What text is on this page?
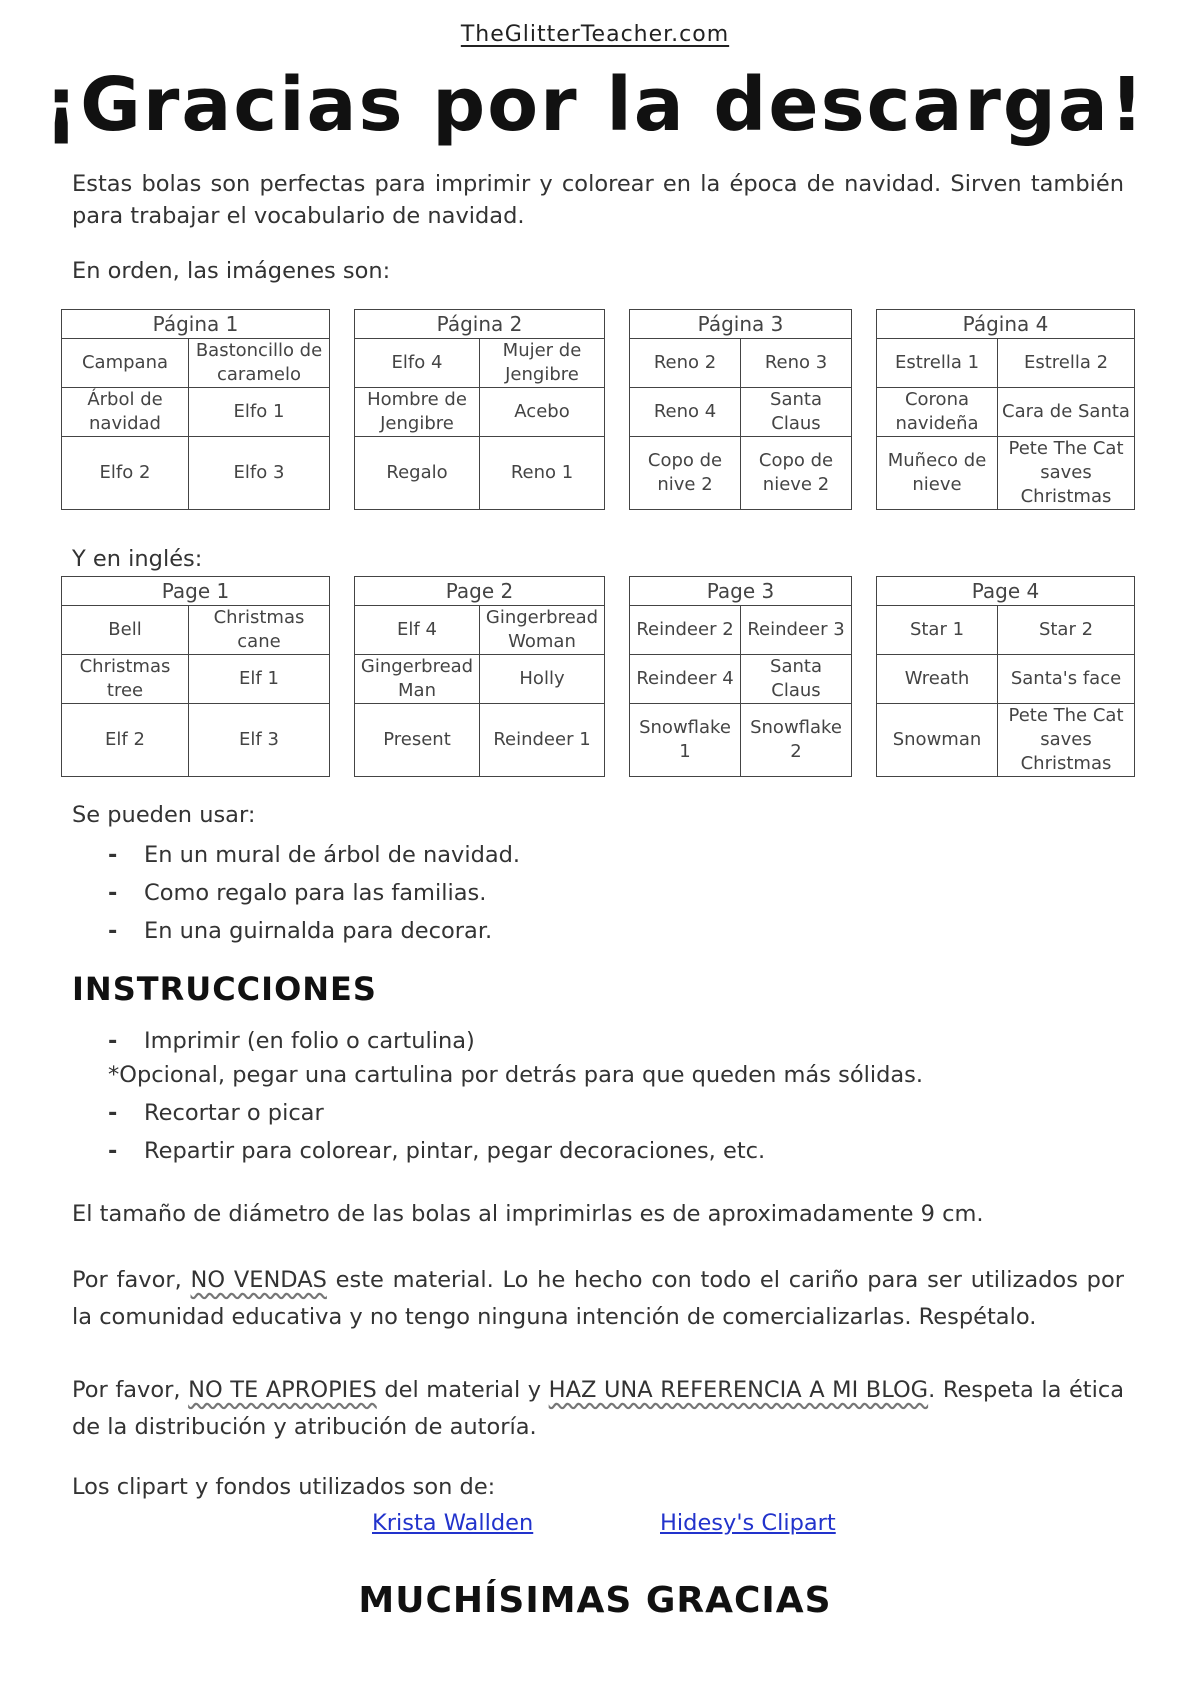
TheGlitterTeacher.com
¡Gracias por la descarga!
Estas bolas son perfectas para imprimir y colorear en la época de navidad. Sirven también para trabajar el vocabulario de navidad.
En orden, las imágenes son:
Página 1	
Campana	Bastoncillo de caramelo
Árbol de navidad	Elfo 1
Elfo 2	Elfo 3
Página 2	
Elfo 4	Mujer de Jengibre
Hombre de Jengibre	Acebo
Regalo	Reno 1
Página 3	
Reno 2	Reno 3
Reno 4	Santa Claus
Copo de nive 2	Copo de nieve 2
Página 4	
Estrella 1	Estrella 2
Corona navideña	Cara de Santa
Muñeco de nieve	Pete The Cat saves Christmas
Y en inglés:
Page 1	
Bell	Christmas cane
Christmas tree	Elf 1
Elf 2	Elf 3
Page 2	
Elf 4	Gingerbread Woman
Gingerbread Man	Holly
Present	Reindeer 1
Page 3	
Reindeer 2	Reindeer 3
Reindeer 4	Santa Claus
Snowflake 1	Snowflake 2
Page 4	
Star 1	Star 2
Wreath	Santa's face
Snowman	Pete The Cat saves Christmas
Se pueden usar:
- En un mural de árbol de navidad.
- Como regalo para las familias.
- En una guirnalda para decorar.
INSTRUCCIONES
- Imprimir (en folio o cartulina)
*Opcional, pegar una cartulina por detrás para que queden más sólidas.
- Recortar o picar
- Repartir para colorear, pintar, pegar decoraciones, etc.
El tamaño de diámetro de las bolas al imprimirlas es de aproximadamente 9 cm.
Por favor, NO VENDAS este material. Lo he hecho con todo el cariño para ser utilizados por la comunidad educativa y no tengo ninguna intención de comercializarlas. Respétalo.
Por favor, NO TE APROPIES del material y HAZ UNA REFERENCIA A MI BLOG. Respeta la ética de la distribución y atribución de autoría.
Los clipart y fondos utilizados son de:
Krista Wallden	Hidesy's Clipart
MUCHÍSIMAS GRACIAS
